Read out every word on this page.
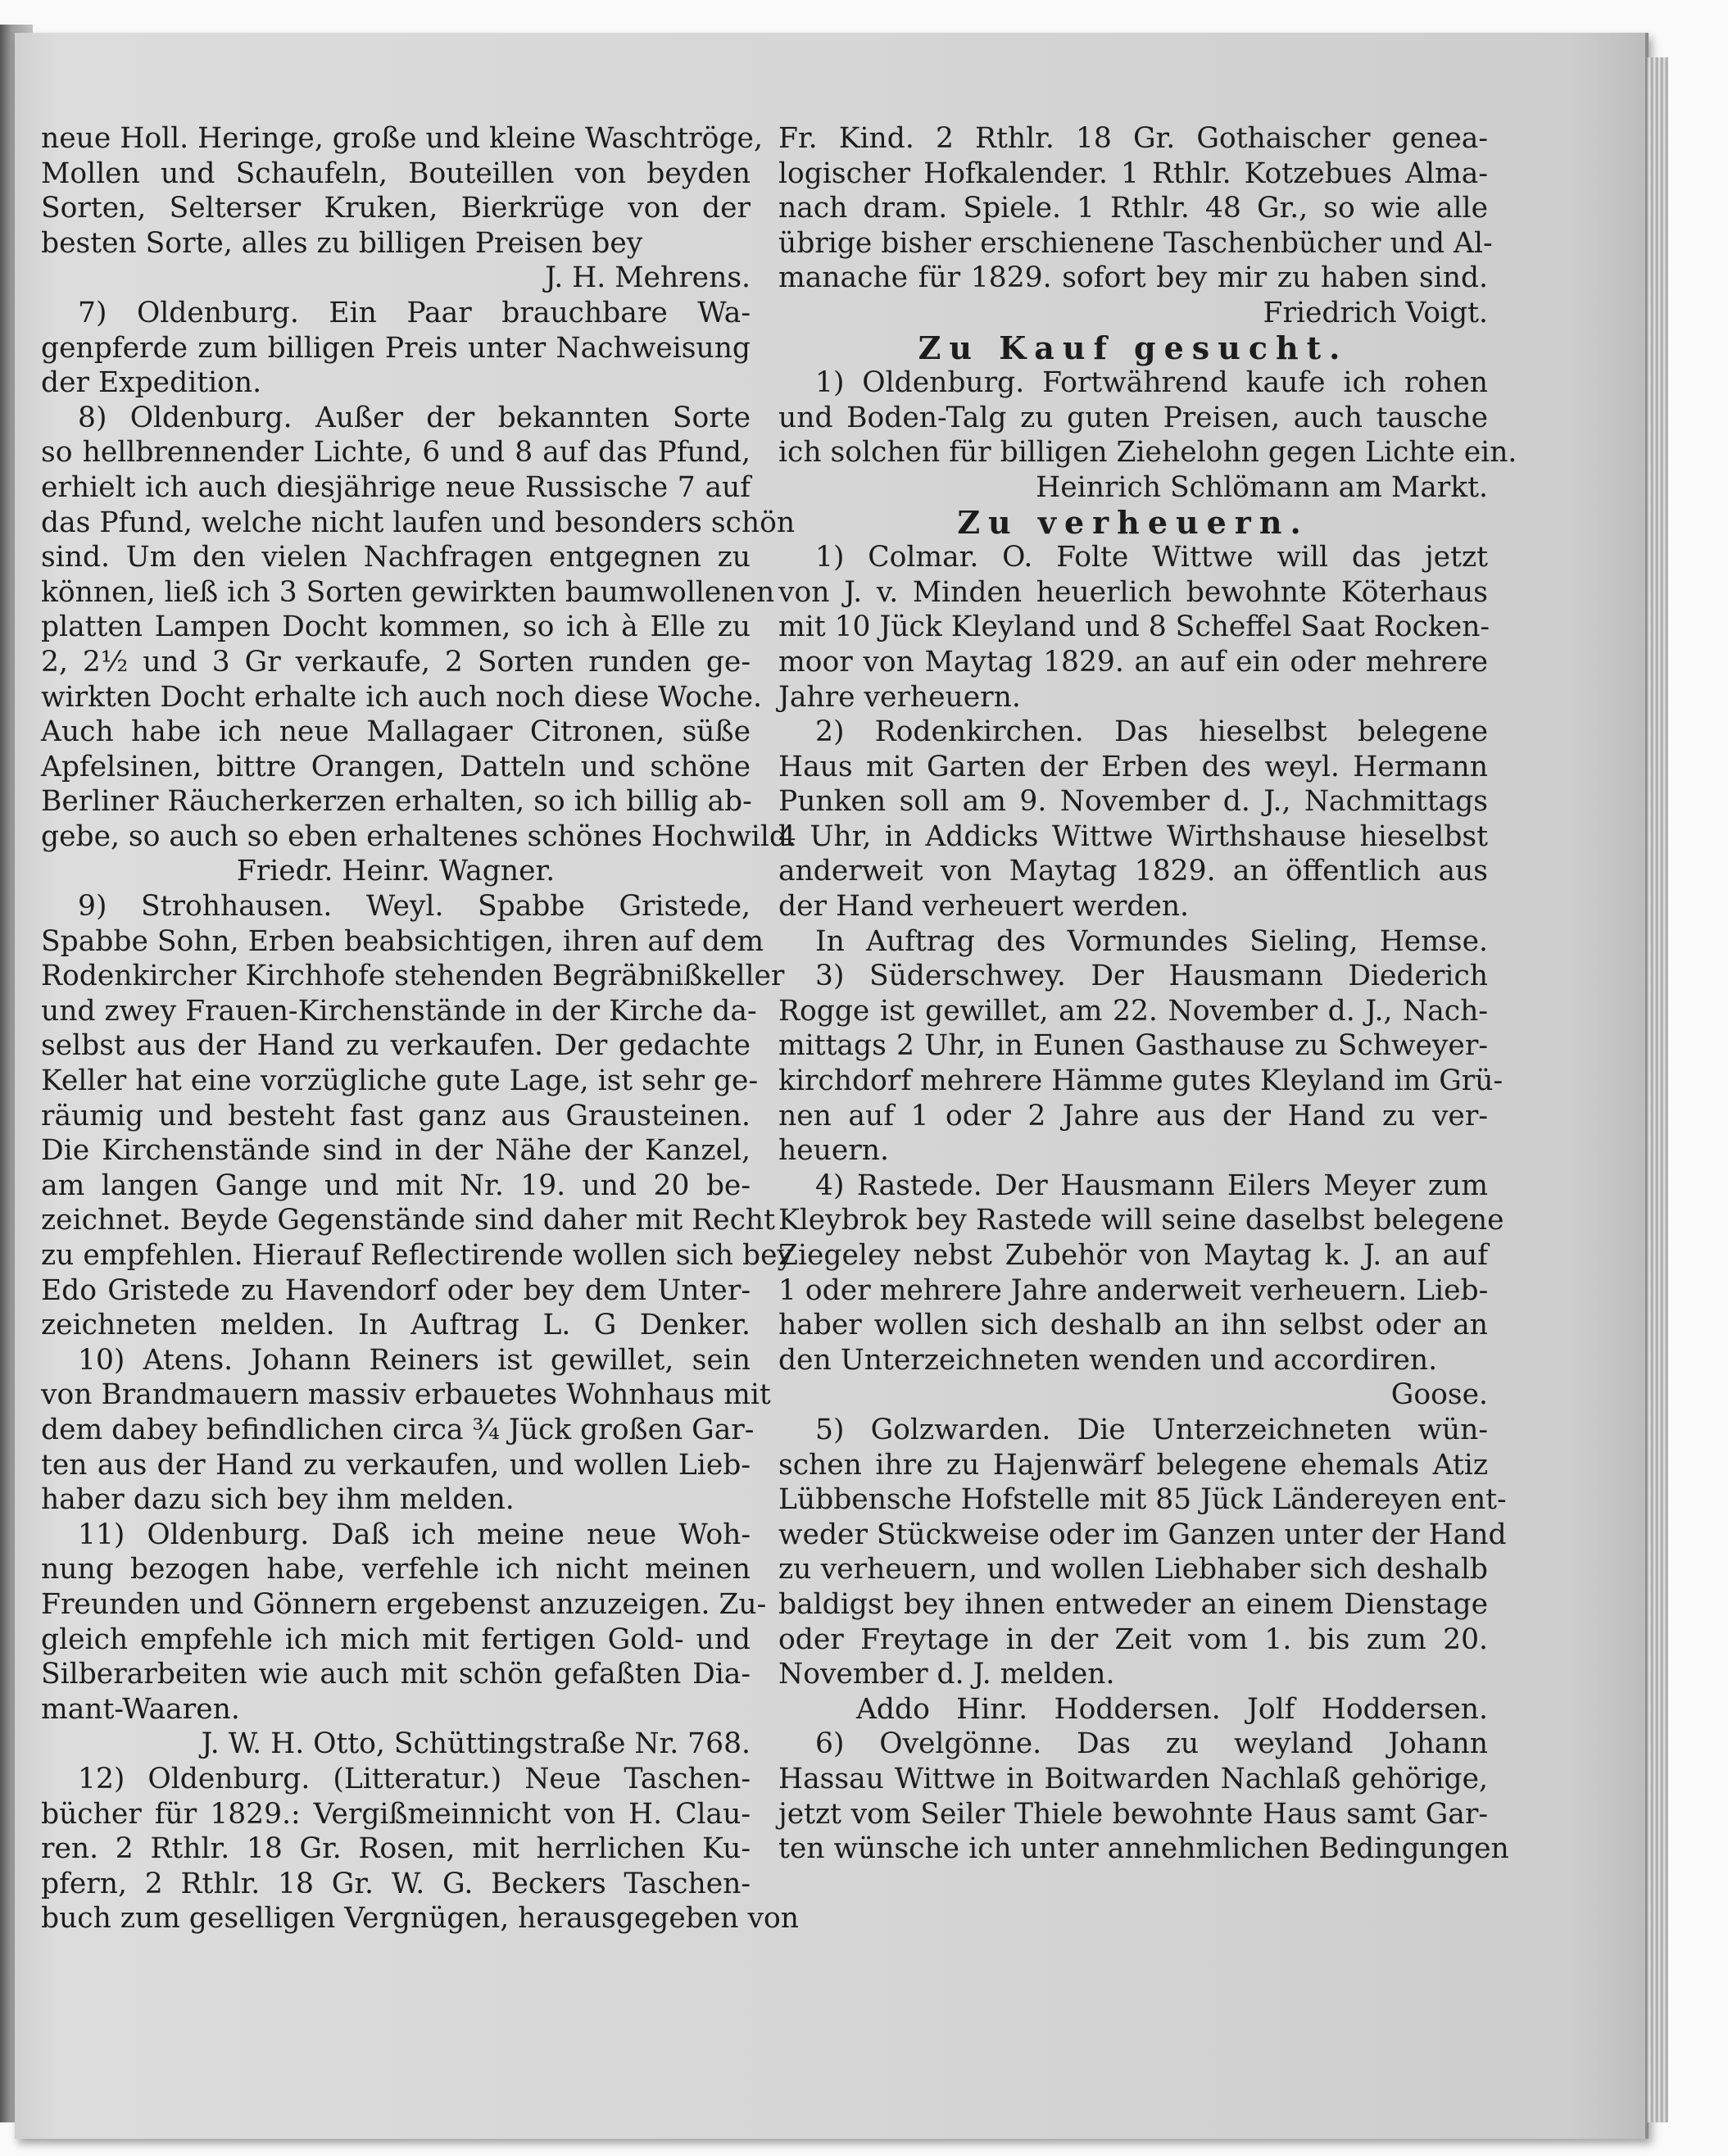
neue Holl. Heringe, große und kleine Waschtröge,
Mollen und Schaufeln, Bouteillen von beyden
Sorten, Selterser Kruken, Bierkrüge von der
besten Sorte, alles zu billigen Preisen bey
J. H. Mehrens.
7) Oldenburg. Ein Paar brauchbare Wa-
genpferde zum billigen Preis unter Nachweisung
der Expedition.
8) Oldenburg. Außer der bekannten Sorte
so hellbrennender Lichte, 6 und 8 auf das Pfund,
erhielt ich auch diesjährige neue Russische 7 auf
das Pfund, welche nicht laufen und besonders schön
sind. Um den vielen Nachfragen entgegnen zu
können, ließ ich 3 Sorten gewirkten baumwollenen
platten Lampen Docht kommen, so ich à Elle zu
2, 2½ und 3 Gr verkaufe, 2 Sorten runden ge-
wirkten Docht erhalte ich auch noch diese Woche.
Auch habe ich neue Mallagaer Citronen, süße
Apfelsinen, bittre Orangen, Datteln und schöne
Berliner Räucherkerzen erhalten, so ich billig ab-
gebe, so auch so eben erhaltenes schönes Hochwild.
Friedr. Heinr. Wagner.
9) Strohhausen. Weyl. Spabbe Gristede,
Spabbe Sohn, Erben beabsichtigen, ihren auf dem
Rodenkircher Kirchhofe stehenden Begräbnißkeller
und zwey Frauen-Kirchenstände in der Kirche da-
selbst aus der Hand zu verkaufen. Der gedachte
Keller hat eine vorzügliche gute Lage, ist sehr ge-
räumig und besteht fast ganz aus Grausteinen.
Die Kirchenstände sind in der Nähe der Kanzel,
am langen Gange und mit Nr. 19. und 20 be-
zeichnet. Beyde Gegenstände sind daher mit Recht
zu empfehlen. Hierauf Reflectirende wollen sich bey
Edo Gristede zu Havendorf oder bey dem Unter-
zeichneten melden. In Auftrag L. G Denker.
10) Atens. Johann Reiners ist gewillet, sein
von Brandmauern massiv erbauetes Wohnhaus mit
dem dabey befindlichen circa ¾ Jück großen Gar-
ten aus der Hand zu verkaufen, und wollen Lieb-
haber dazu sich bey ihm melden.
11) Oldenburg. Daß ich meine neue Woh-
nung bezogen habe, verfehle ich nicht meinen
Freunden und Gönnern ergebenst anzuzeigen. Zu-
gleich empfehle ich mich mit fertigen Gold- und
Silberarbeiten wie auch mit schön gefaßten Dia-
mant-Waaren.
J. W. H. Otto, Schüttingstraße Nr. 768.
12) Oldenburg. (Litteratur.) Neue Taschen-
bücher für 1829.: Vergißmeinnicht von H. Clau-
ren. 2 Rthlr. 18 Gr. Rosen, mit herrlichen Ku-
pfern, 2 Rthlr. 18 Gr. W. G. Beckers Taschen-
buch zum geselligen Vergnügen, herausgegeben von
Fr. Kind. 2 Rthlr. 18 Gr. Gothaischer genea-
logischer Hofkalender. 1 Rthlr. Kotzebues Alma-
nach dram. Spiele. 1 Rthlr. 48 Gr., so wie alle
übrige bisher erschienene Taschenbücher und Al-
manache für 1829. sofort bey mir zu haben sind.
Friedrich Voigt.
Zu Kauf gesucht.
1) Oldenburg. Fortwährend kaufe ich rohen
und Boden-Talg zu guten Preisen, auch tausche
ich solchen für billigen Ziehelohn gegen Lichte ein.
Heinrich Schlömann am Markt.
Zu verheuern.
1) Colmar. O. Folte Wittwe will das jetzt
von J. v. Minden heuerlich bewohnte Köterhaus
mit 10 Jück Kleyland und 8 Scheffel Saat Rocken-
moor von Maytag 1829. an auf ein oder mehrere
Jahre verheuern.
2) Rodenkirchen. Das hieselbst belegene
Haus mit Garten der Erben des weyl. Hermann
Punken soll am 9. November d. J., Nachmittags
4 Uhr, in Addicks Wittwe Wirthshause hieselbst
anderweit von Maytag 1829. an öffentlich aus
der Hand verheuert werden.
In Auftrag des Vormundes Sieling, Hemse.
3) Süderschwey. Der Hausmann Diederich
Rogge ist gewillet, am 22. November d. J., Nach-
mittags 2 Uhr, in Eunen Gasthause zu Schweyer-
kirchdorf mehrere Hämme gutes Kleyland im Grü-
nen auf 1 oder 2 Jahre aus der Hand zu ver-
heuern.
4) Rastede. Der Hausmann Eilers Meyer zum
Kleybrok bey Rastede will seine daselbst belegene
Ziegeley nebst Zubehör von Maytag k. J. an auf
1 oder mehrere Jahre anderweit verheuern. Lieb-
haber wollen sich deshalb an ihn selbst oder an
den Unterzeichneten wenden und accordiren.
Goose.
5) Golzwarden. Die Unterzeichneten wün-
schen ihre zu Hajenwärf belegene ehemals Atiz
Lübbensche Hofstelle mit 85 Jück Ländereyen ent-
weder Stückweise oder im Ganzen unter der Hand
zu verheuern, und wollen Liebhaber sich deshalb
baldigst bey ihnen entweder an einem Dienstage
oder Freytage in der Zeit vom 1. bis zum 20.
November d. J. melden.
Addo Hinr. Hoddersen. Jolf Hoddersen.
6) Ovelgönne. Das zu weyland Johann
Hassau Wittwe in Boitwarden Nachlaß gehörige,
jetzt vom Seiler Thiele bewohnte Haus samt Gar-
ten wünsche ich unter annehmlichen Bedingungen
